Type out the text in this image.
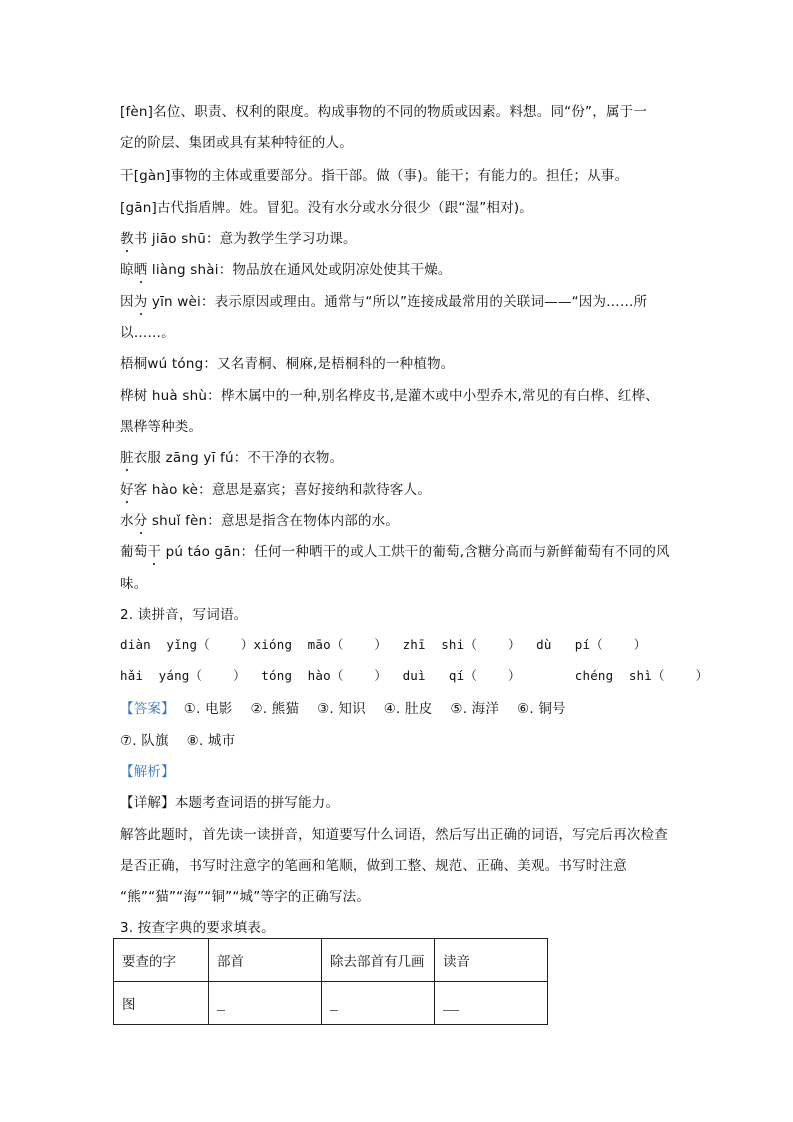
[fèn]名位、职责、权利的限度。构成事物的不同的物质或因素。料想。同“份”，属于一
定的阶层、集团或具有某种特征的人。
干[gàn]事物的主体或重要部分。指干部。做（事)。能干；有能力的。担任；从事。
[gān]古代指盾牌。姓。冒犯。没有水分或水分很少（跟“湿”相对)。
教书 jiāo shū：意为教学生学习功课。
晾晒 liàng shài：物品放在通风处或阴凉处使其干燥。
因为 yīn wèi：表示原因或理由。通常与“所以”连接成最常用的关联词——“因为……所
以……。
梧桐wú tóng：又名青桐、桐麻,是梧桐科的一种植物。
桦树 huà shù：桦木属中的一种,别名桦皮书,是灌木或中小型乔木,常见的有白桦、红桦、
黑桦等种类。
脏衣服 zāng yī fú：不干净的衣物。
好客 hào kè：意思是嘉宾；喜好接纳和款待客人。
水分 shuǐ fèn：意思是指含在物体内部的水。
葡萄干 pú táo gān：任何一种晒干的或人工烘干的葡萄,含糖分高而与新鲜葡萄有不同的风
味。
2. 读拼音，写词语。
diàn  yǐng（    ）xióng  māo（    ）  zhī  shi（    ）  dù   pí（    ）
hǎi  yáng（    ）  tóng  hào（    ）  duì   qí（    ）       chéng  shì（    ）
【答案】  ①. 电影    ②. 熊猫    ③. 知识    ④. 肚皮    ⑤. 海洋    ⑥. 铜号
⑦. 队旗    ⑧. 城市
【解析】
【详解】本题考查词语的拼写能力。
解答此题时，首先读一读拼音，知道要写什么词语，然后写出正确的词语，写完后再次检查
是否正确，书写时注意字的笔画和笔顺，做到工整、规范、正确、美观。书写时注意
“熊”“猫”“海”“铜”“城”等字的正确写法。
3. 按查字典的要求填表。
要查的字	部首	除去部首有几画	读音
图			
